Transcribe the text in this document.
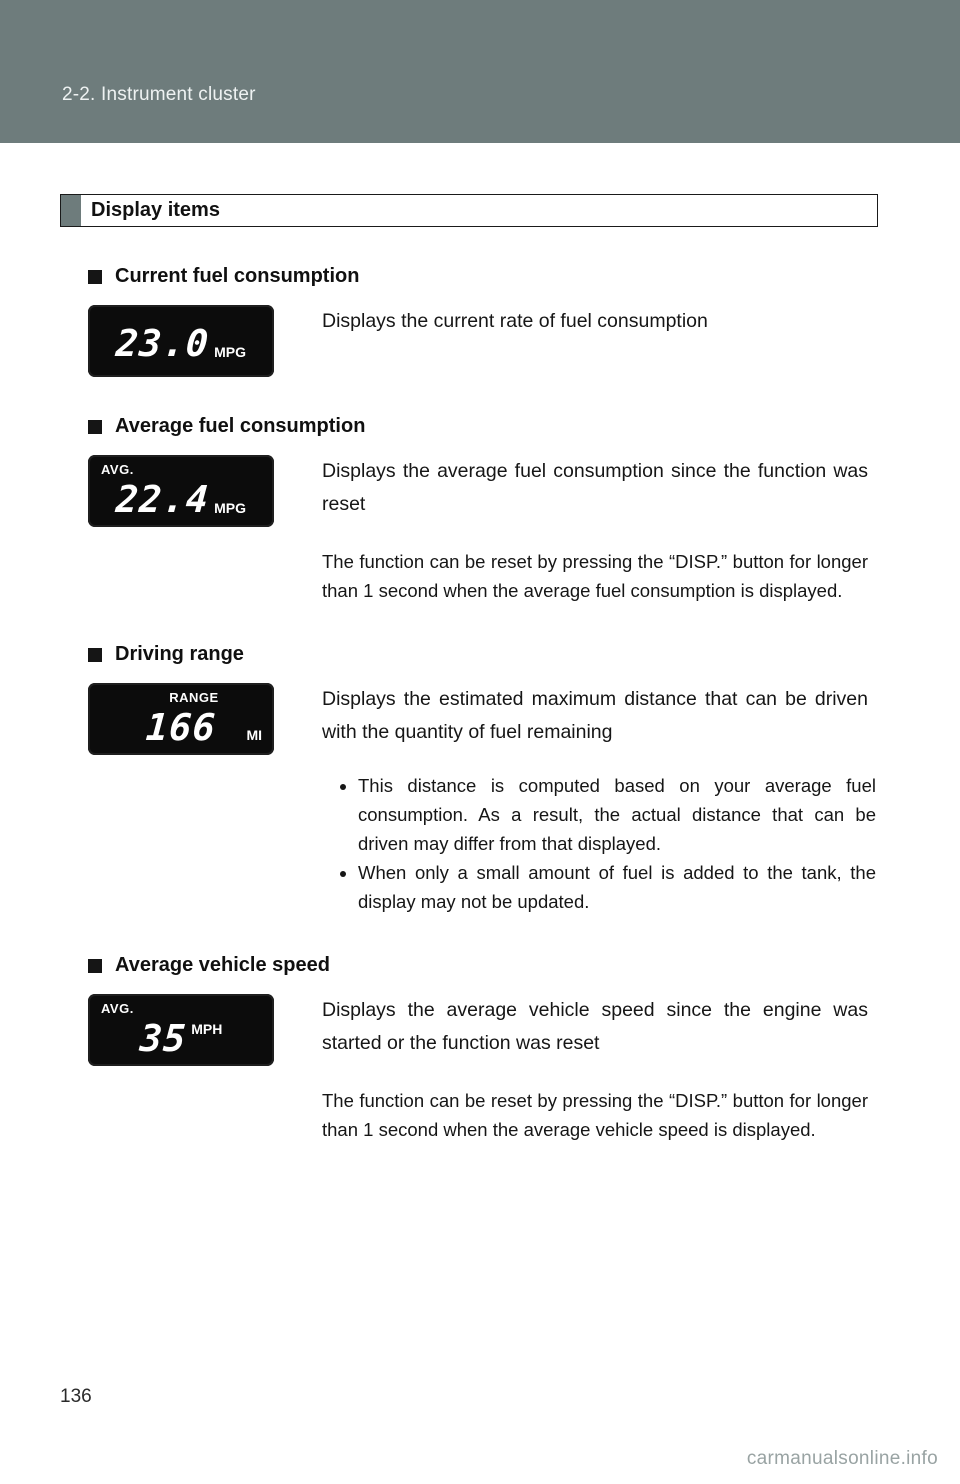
2-2. Instrument cluster
Display items
Current fuel consumption
23.0 MPG

Displays the current rate of fuel consumption

Average fuel consumption
AVG.
22.4 MPG

Displays the average fuel consumption since the function was reset

The function can be reset by pressing the “DISP.” button for longer than 1 second when the average fuel consumption is displayed.

Driving range
RANGE
166 MI

Displays the estimated maximum distance that can be driven with the quantity of fuel remaining

• This distance is computed based on your average fuel consumption. As a result, the actual distance that can be driven may differ from that displayed.
• When only a small amount of fuel is added to the tank, the display may not be updated.
Average vehicle speed
AVG.
35 MPH

Displays the average vehicle speed since the engine was started or the function was reset

The function can be reset by pressing the “DISP.” button for longer than 1 second when the average vehicle speed is displayed.

136
carmanualsonline.info
